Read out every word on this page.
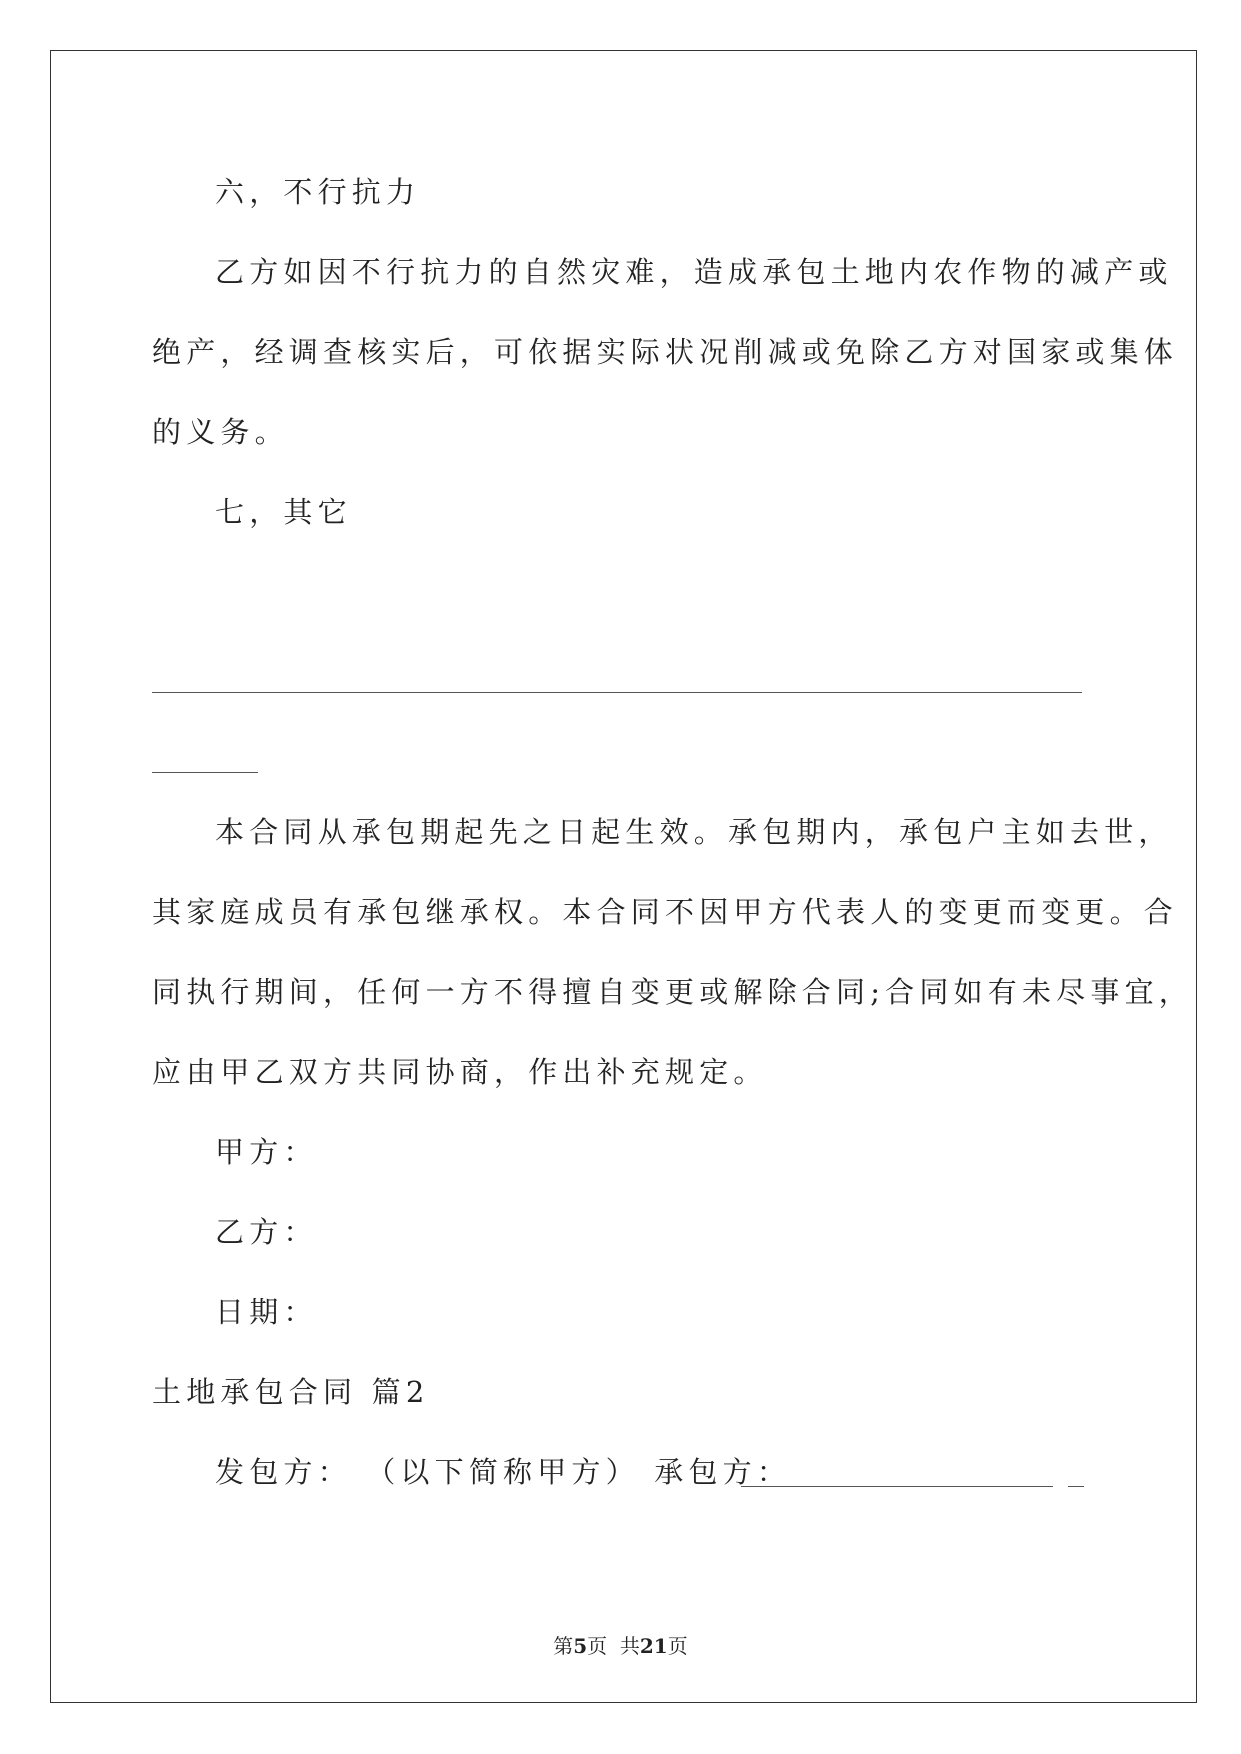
六，不行抗力
乙方如因不行抗力的自然灾难，造成承包土地内农作物的减产或
绝产，经调查核实后，可依据实际状况削减或免除乙方对国家或集体
的义务。
七，其它
本合同从承包期起先之日起生效。承包期内，承包户主如去世，
其家庭成员有承包继承权。本合同不因甲方代表人的变更而变更。合
同执行期间，任何一方不得擅自变更或解除合同;合同如有未尽事宜，
应由甲乙双方共同协商，作出补充规定。
甲方：
乙方：
日期：
土地承包合同 篇2
发包方： （以下简称甲方） 承包方：
第5页  共21页
